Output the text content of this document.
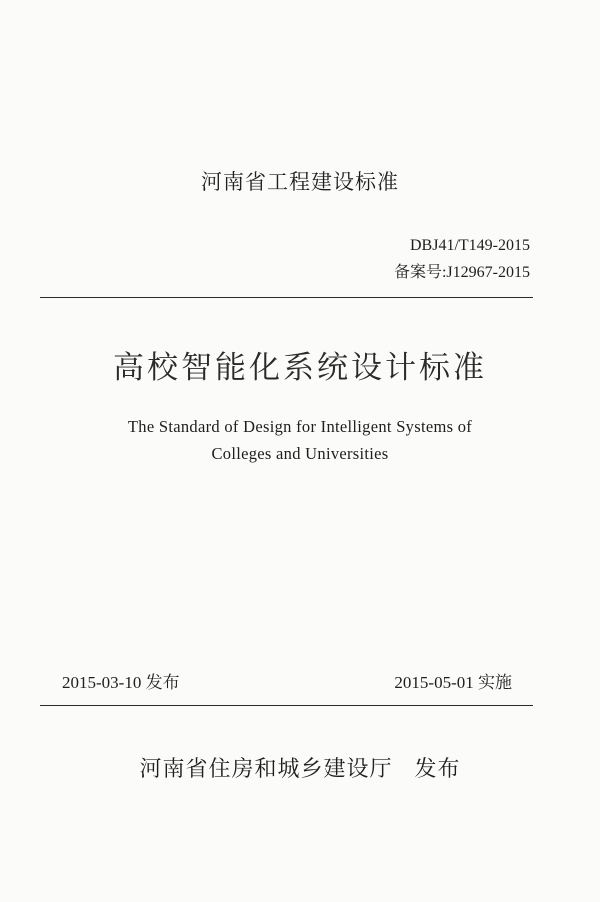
河南省工程建设标准
DBJ41/T149-2015
备案号:J12967-2015
高校智能化系统设计标准
The Standard of Design for Intelligent Systems of
Colleges and Universities
2015-03-10 发布	2015-05-01 实施
河南省住房和城乡建设厅 发布
